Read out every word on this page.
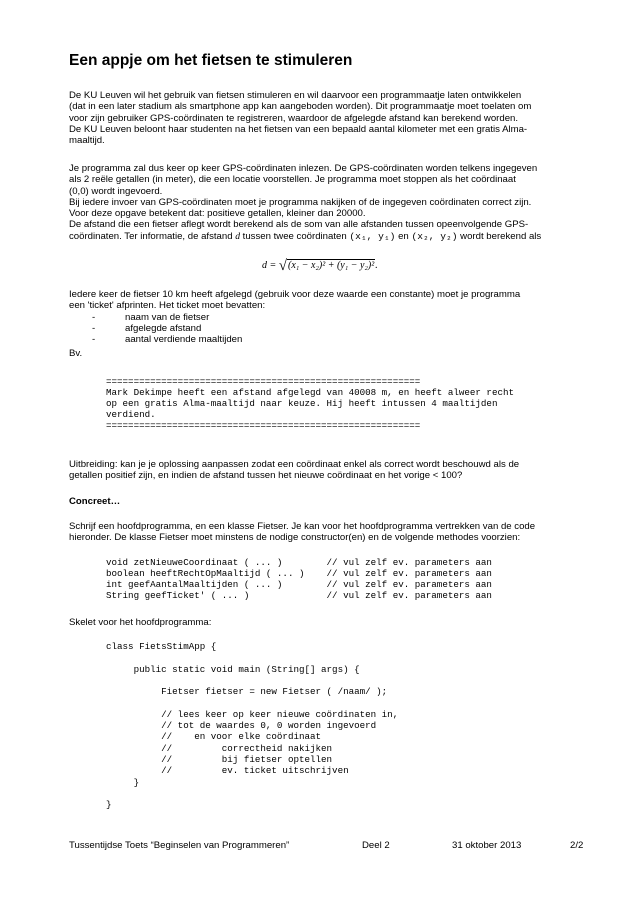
Een appje om het fietsen te stimuleren
De KU Leuven wil het gebruik van fietsen stimuleren en wil daarvoor een programmaatje laten ontwikkelen
(dat in een later stadium als smartphone app kan aangeboden worden). Dit programmaatje moet toelaten om
voor zijn gebruiker GPS-coördinaten te registreren, waardoor de afgelegde afstand kan berekend worden.
De KU Leuven beloont haar studenten na het fietsen van een bepaald aantal kilometer met een gratis Alma-
maaltijd.
Je programma zal dus keer op keer GPS-coördinaten inlezen. De GPS-coördinaten worden telkens ingegeven
als 2 reële getallen (in meter), die een locatie voorstellen. Je programma moet stoppen als het coördinaat
(0,0) wordt ingevoerd.
Bij iedere invoer van GPS-coördinaten moet je programma nakijken of de ingegeven coördinaten correct zijn.
Voor deze opgave betekent dat: positieve getallen, kleiner dan 20000.
De afstand die een fietser aflegt wordt berekend als de som van alle afstanden tussen opeenvolgende GPS-
coördinaten. Ter informatie, de afstand d tussen twee coördinaten (x₁, y₁) en (x₂, y₂) wordt berekend als
d = √(x₁ − x₂)² + (y₁ − y₂)².
Iedere keer de fietser 10 km heeft afgelegd (gebruik voor deze waarde een constante) moet je programma
een 'ticket' afprinten. Het ticket moet bevatten:
-	naam van de fietser
-	afgelegde afstand
-	aantal verdiende maaltijden
Bv.
=========================================================
Mark Dekimpe heeft een afstand afgelegd van 40008 m, en heeft alweer recht
op een gratis Alma-maaltijd naar keuze. Hij heeft intussen 4 maaltijden
verdiend.
=========================================================
Uitbreiding: kan je je oplossing aanpassen zodat een coördinaat enkel als correct wordt beschouwd als de
getallen positief zijn, en indien de afstand tussen het nieuwe coördinaat en het vorige < 100?
Concreet…
Schrijf een hoofdprogramma, en een klasse Fietser. Je kan voor het hoofdprogramma vertrekken van de code
hieronder. De klasse Fietser moet minstens de nodige constructor(en) en de volgende methodes voorzien:
void zetNieuweCoordinaat ( ... )        // vul zelf ev. parameters aan
boolean heeftRechtOpMaaltijd ( ... )    // vul zelf ev. parameters aan
int geefAantalMaaltijden ( ... )        // vul zelf ev. parameters aan
String geefTicket' ( ... )              // vul zelf ev. parameters aan
Skelet voor het hoofdprogramma:
class FietsStimApp {

public static void main (String[] args) {

Fietser fietser = new Fietser ( /naam/ );

// lees keer op keer nieuwe coördinaten in,
// tot de waardes 0, 0 worden ingevoerd
//    en voor elke coördinaat
//         correctheid nakijken
//         bij fietser optellen
//         ev. ticket uitschrijven
}

}
Tussentijdse Toets “Beginselen van Programmeren”	Deel 2	31 oktober 2013	2/2
